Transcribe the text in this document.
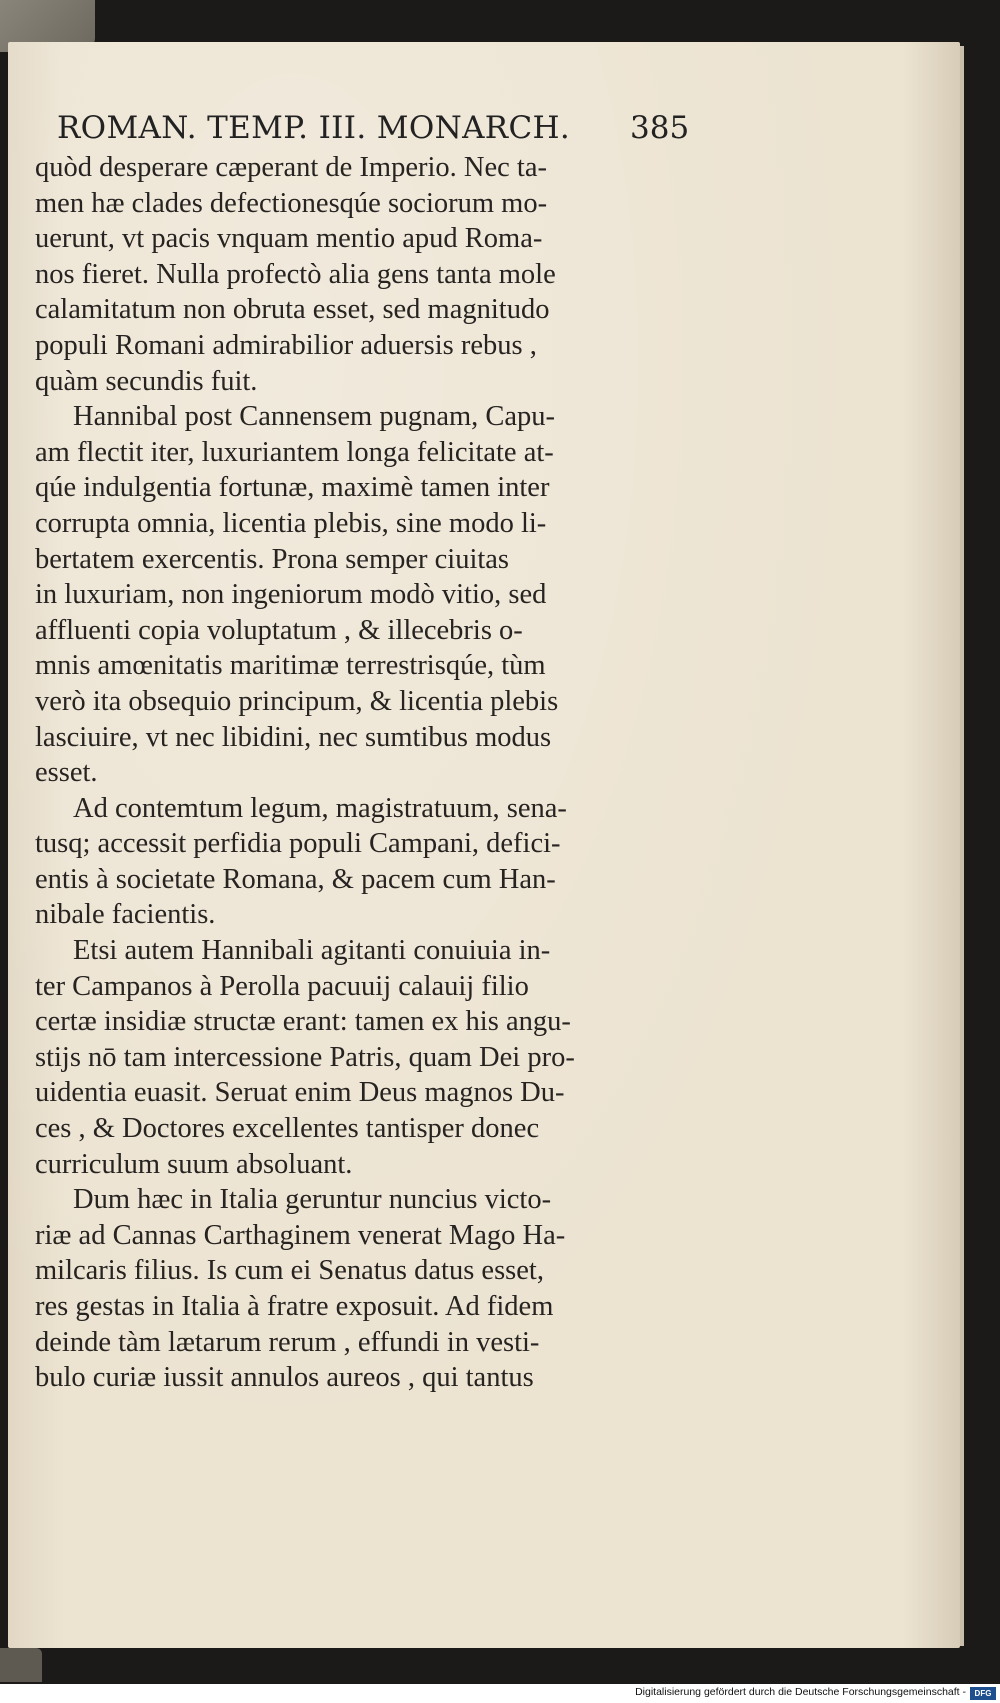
ROMAN. TEMP. III. MONARCH. 385
quòd desperare cæperant de Imperio. Nec ta-
men hæ clades defectionesqúe sociorum mo-
uerunt, vt pacis vnquam mentio apud Roma-
nos fieret. Nulla profectò alia gens tanta mole
calamitatum non obruta esset, sed magnitudo
populi Romani admirabilior aduersis rebus ,
quàm secundis fuit.
Hannibal post Cannensem pugnam, Capu-
am flectit iter, luxuriantem longa felicitate at-
qúe indulgentia fortunæ, maximè tamen inter
corrupta omnia, licentia plebis, sine modo li-
bertatem exercentis. Prona semper ciuitas
in luxuriam, non ingeniorum modò vitio, sed
affluenti copia voluptatum , & illecebris o-
mnis amœnitatis maritimæ terrestrisqúe, tùm
verò ita obsequio principum, & licentia plebis
lasciuire, vt nec libidini, nec sumtibus modus
esset.
Ad contemtum legum, magistratuum, sena-
tusq; accessit perfidia populi Campani, defici-
entis à societate Romana, & pacem cum Han-
nibale facientis.
Etsi autem Hannibali agitanti conuiuia in-
ter Campanos à Perolla pacuuij calauij filio
certæ insidiæ structæ erant: tamen ex his angu-
stijs nō tam intercessione Patris, quam Dei pro-
uidentia euasit. Seruat enim Deus magnos Du-
ces , & Doctores excellentes tantisper donec
curriculum suum absoluant.
Dum hæc in Italia geruntur nuncius victo-
riæ ad Cannas Carthaginem venerat Mago Ha-
milcaris filius. Is cum ei Senatus datus esset,
res gestas in Italia à fratre exposuit. Ad fidem
deinde tàm lætarum rerum , effundi in vesti-
bulo curiæ iussit annulos aureos , qui tantus
Digitalisierung gefördert durch die Deutsche Forschungsgemeinschaft -	DFG
